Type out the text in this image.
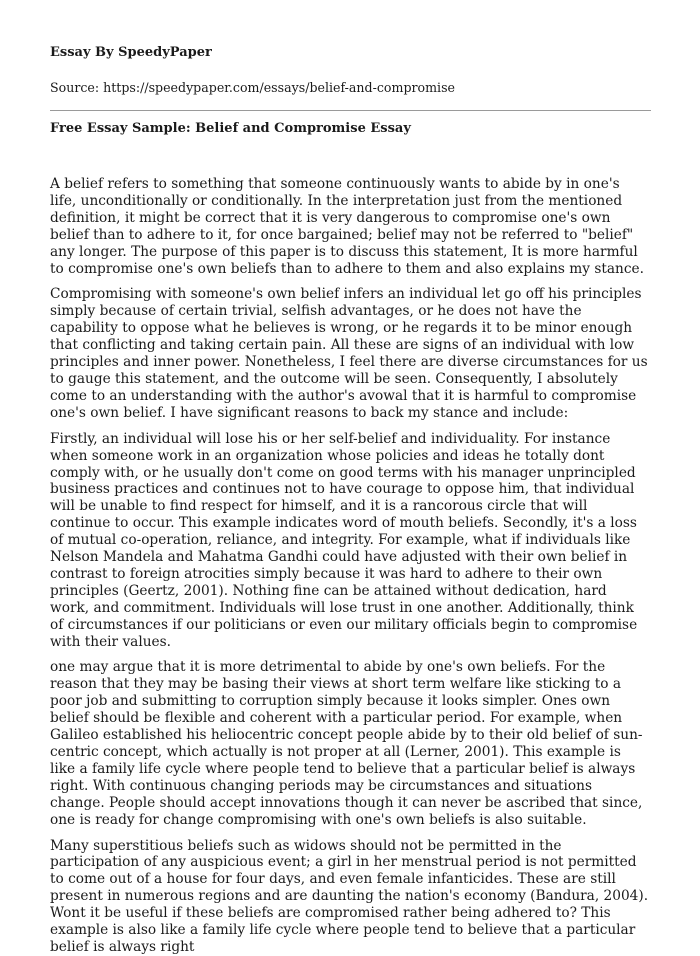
Essay By SpeedyPaper

Source: https://speedypaper.com/essays/belief-and-compromise

Free Essay Sample: Belief and Compromise Essay

A belief refers to something that someone continuously wants to abide by in one's life, unconditionally or conditionally. In the interpretation just from the mentioned definition, it might be correct that it is very dangerous to compromise one's own belief than to adhere to it, for once bargained; belief may not be referred to "belief" any longer. The purpose of this paper is to discuss this statement, It is more harmful to compromise one's own beliefs than to adhere to them and also explains my stance.

Compromising with someone's own belief infers an individual let go off his principles simply because of certain trivial, selfish advantages, or he does not have the capability to oppose what he believes is wrong, or he regards it to be minor enough that conflicting and taking certain pain. All these are signs of an individual with low principles and inner power. Nonetheless, I feel there are diverse circumstances for us to gauge this statement, and the outcome will be seen. Consequently, I absolutely come to an understanding with the author's avowal that it is harmful to compromise one's own belief. I have significant reasons to back my stance and include:

Firstly, an individual will lose his or her self-belief and individuality. For instance when someone work in an organization whose policies and ideas he totally dont comply with, or he usually don't come on good terms with his manager unprincipled business practices and continues not to have courage to oppose him, that individual will be unable to find respect for himself, and it is a rancorous circle that will continue to occur. This example indicates word of mouth beliefs. Secondly, it's a loss of mutual co-operation, reliance, and integrity. For example, what if individuals like Nelson Mandela and Mahatma Gandhi could have adjusted with their own belief in contrast to foreign atrocities simply because it was hard to adhere to their own principles (Geertz, 2001). Nothing fine can be attained without dedication, hard work, and commitment. Individuals will lose trust in one another. Additionally, think of circumstances if our politicians or even our military officials begin to compromise with their values.

one may argue that it is more detrimental to abide by one's own beliefs. For the reason that they may be basing their views at short term welfare like sticking to a poor job and submitting to corruption simply because it looks simpler. Ones own belief should be flexible and coherent with a particular period. For example, when Galileo established his heliocentric concept people abide by to their old belief of sun-centric concept, which actually is not proper at all (Lerner, 2001). This example is like a family life cycle where people tend to believe that a particular belief is always right. With continuous changing periods may be circumstances and situations change. People should accept innovations though it can never be ascribed that since, one is ready for change compromising with one's own beliefs is also suitable.

Many superstitious beliefs such as widows should not be permitted in the participation of any auspicious event; a girl in her menstrual period is not permitted to come out of a house for four days, and even female infanticides. These are still present in numerous regions and are daunting the nation's economy (Bandura, 2004). Wont it be useful if these beliefs are compromised rather being adhered to? This example is also like a family life cycle where people tend to believe that a particular belief is always right
